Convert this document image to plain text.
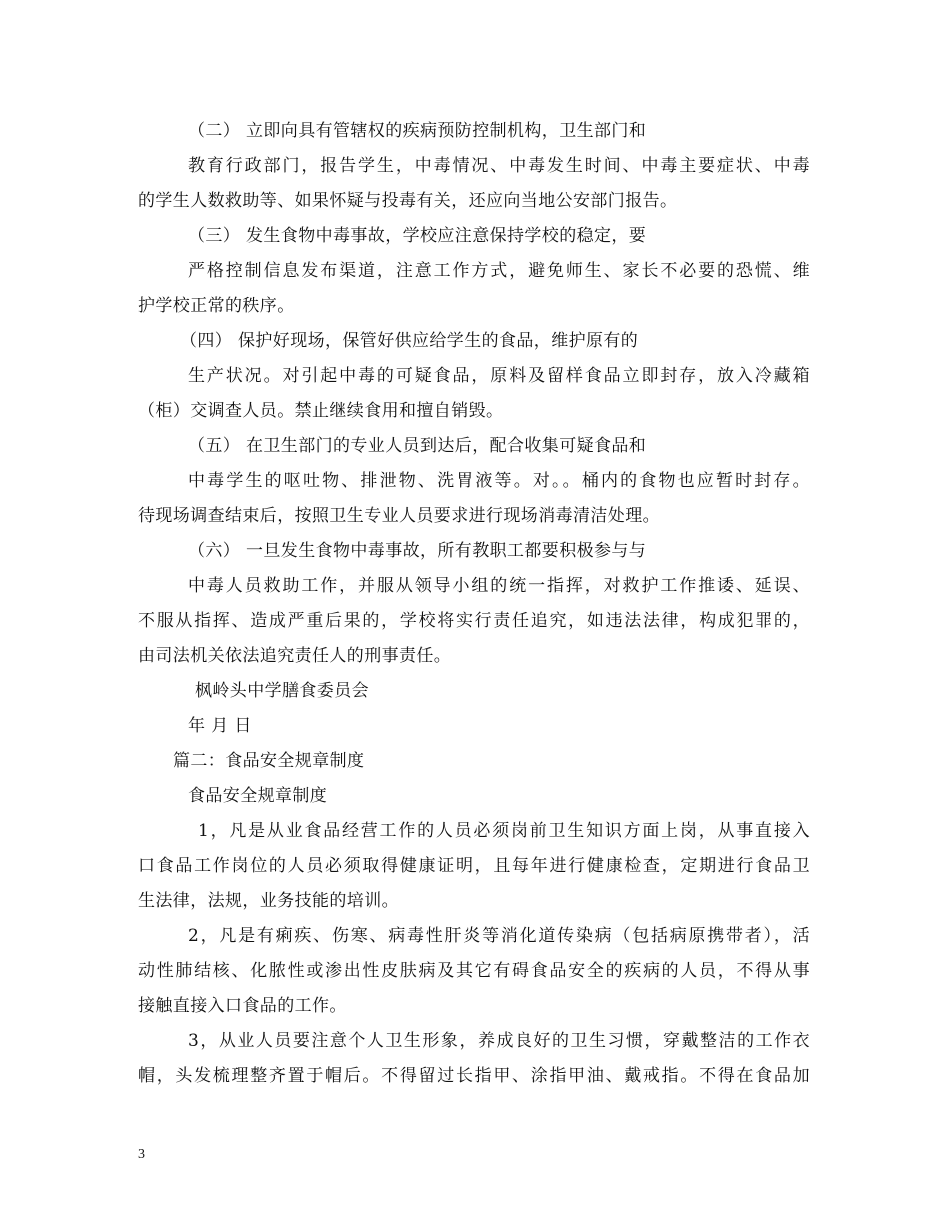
（二） 立即向具有管辖权的疾病预防控制机构，卫生部门和
教育行政部门，报告学生，中毒情况、中毒发生时间、中毒主要症状、中毒
的学生人数救助等、如果怀疑与投毒有关，还应向当地公安部门报告。
（三） 发生食物中毒事故，学校应注意保持学校的稳定，要
严格控制信息发布渠道，注意工作方式，避免师生、家长不必要的恐慌、维
护学校正常的秩序。
（四） 保护好现场，保管好供应给学生的食品，维护原有的
生产状况。对引起中毒的可疑食品，原料及留样食品立即封存，放入冷藏箱
（柜）交调查人员。禁止继续食用和擅自销毁。
（五） 在卫生部门的专业人员到达后，配合收集可疑食品和
中毒学生的呕吐物、排泄物、洗胃液等。对。。桶内的食物也应暂时封存。
待现场调查结束后，按照卫生专业人员要求进行现场消毒清洁处理。
（六） 一旦发生食物中毒事故，所有教职工都要积极参与与
中毒人员救助工作，并服从领导小组的统一指挥，对救护工作推诿、延误、
不服从指挥、造成严重后果的，学校将实行责任追究，如违法法律，构成犯罪的，
由司法机关依法追究责任人的刑事责任。
枫岭头中学膳食委员会
年 月 日
篇二：食品安全规章制度
食品安全规章制度
1，凡是从业食品经营工作的人员必须岗前卫生知识方面上岗，从事直接入
口食品工作岗位的人员必须取得健康证明，且每年进行健康检查，定期进行食品卫
生法律，法规，业务技能的培训。
2，凡是有痢疾、伤寒、病毒性肝炎等消化道传染病（包括病原携带者），活
动性肺结核、化脓性或渗出性皮肤病及其它有碍食品安全的疾病的人员，不得从事
接触直接入口食品的工作。
3，从业人员要注意个人卫生形象，养成良好的卫生习惯，穿戴整洁的工作衣
帽，头发梳理整齐置于帽后。不得留过长指甲、涂指甲油、戴戒指。不得在食品加
3
